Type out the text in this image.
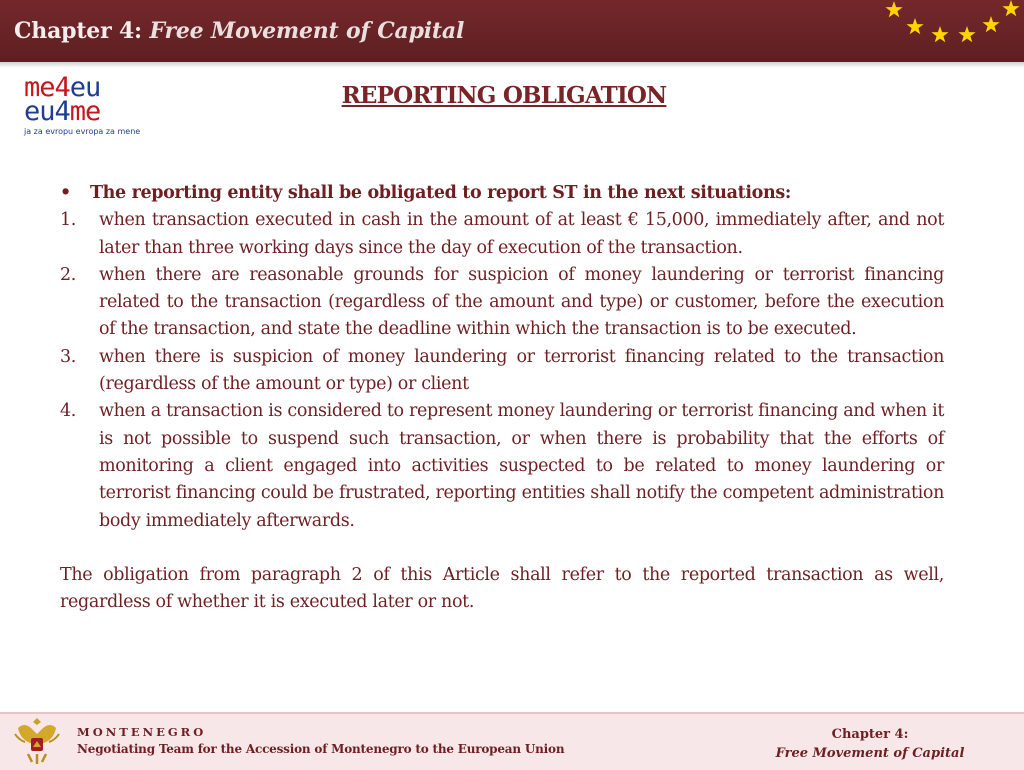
Chapter 4: Free Movement of Capital
me4eu
eu4me
ja za evropu evropa za mene
REPORTING OBLIGATION
• The reporting entity shall be obligated to report ST in the next situations:
1. when transaction executed in cash in the amount of at least € 15,000, immediately after, and not later than three working days since the day of execution of the transaction.
2. when there are reasonable grounds for suspicion of money laundering or terrorist financing related to the transaction (regardless of the amount and type) or customer, before the execution of the transaction, and state the deadline within which the transaction is to be executed.
3. when there is suspicion of money laundering or terrorist financing related to the transaction (regardless of the amount or type) or client
4. when a transaction is considered to represent money laundering or terrorist financing and when it is not possible to suspend such transaction, or when there is probability that the efforts of monitoring a client engaged into activities suspected to be related to money laundering or terrorist financing could be frustrated, reporting entities shall notify the competent administration body immediately afterwards.
The obligation from paragraph 2 of this Article shall refer to the reported transaction as well, regardless of whether it is executed later or not.
MONTENEGRO
Negotiating Team for the Accession of Montenegro to the European Union
Chapter 4:
Free Movement of Capital
